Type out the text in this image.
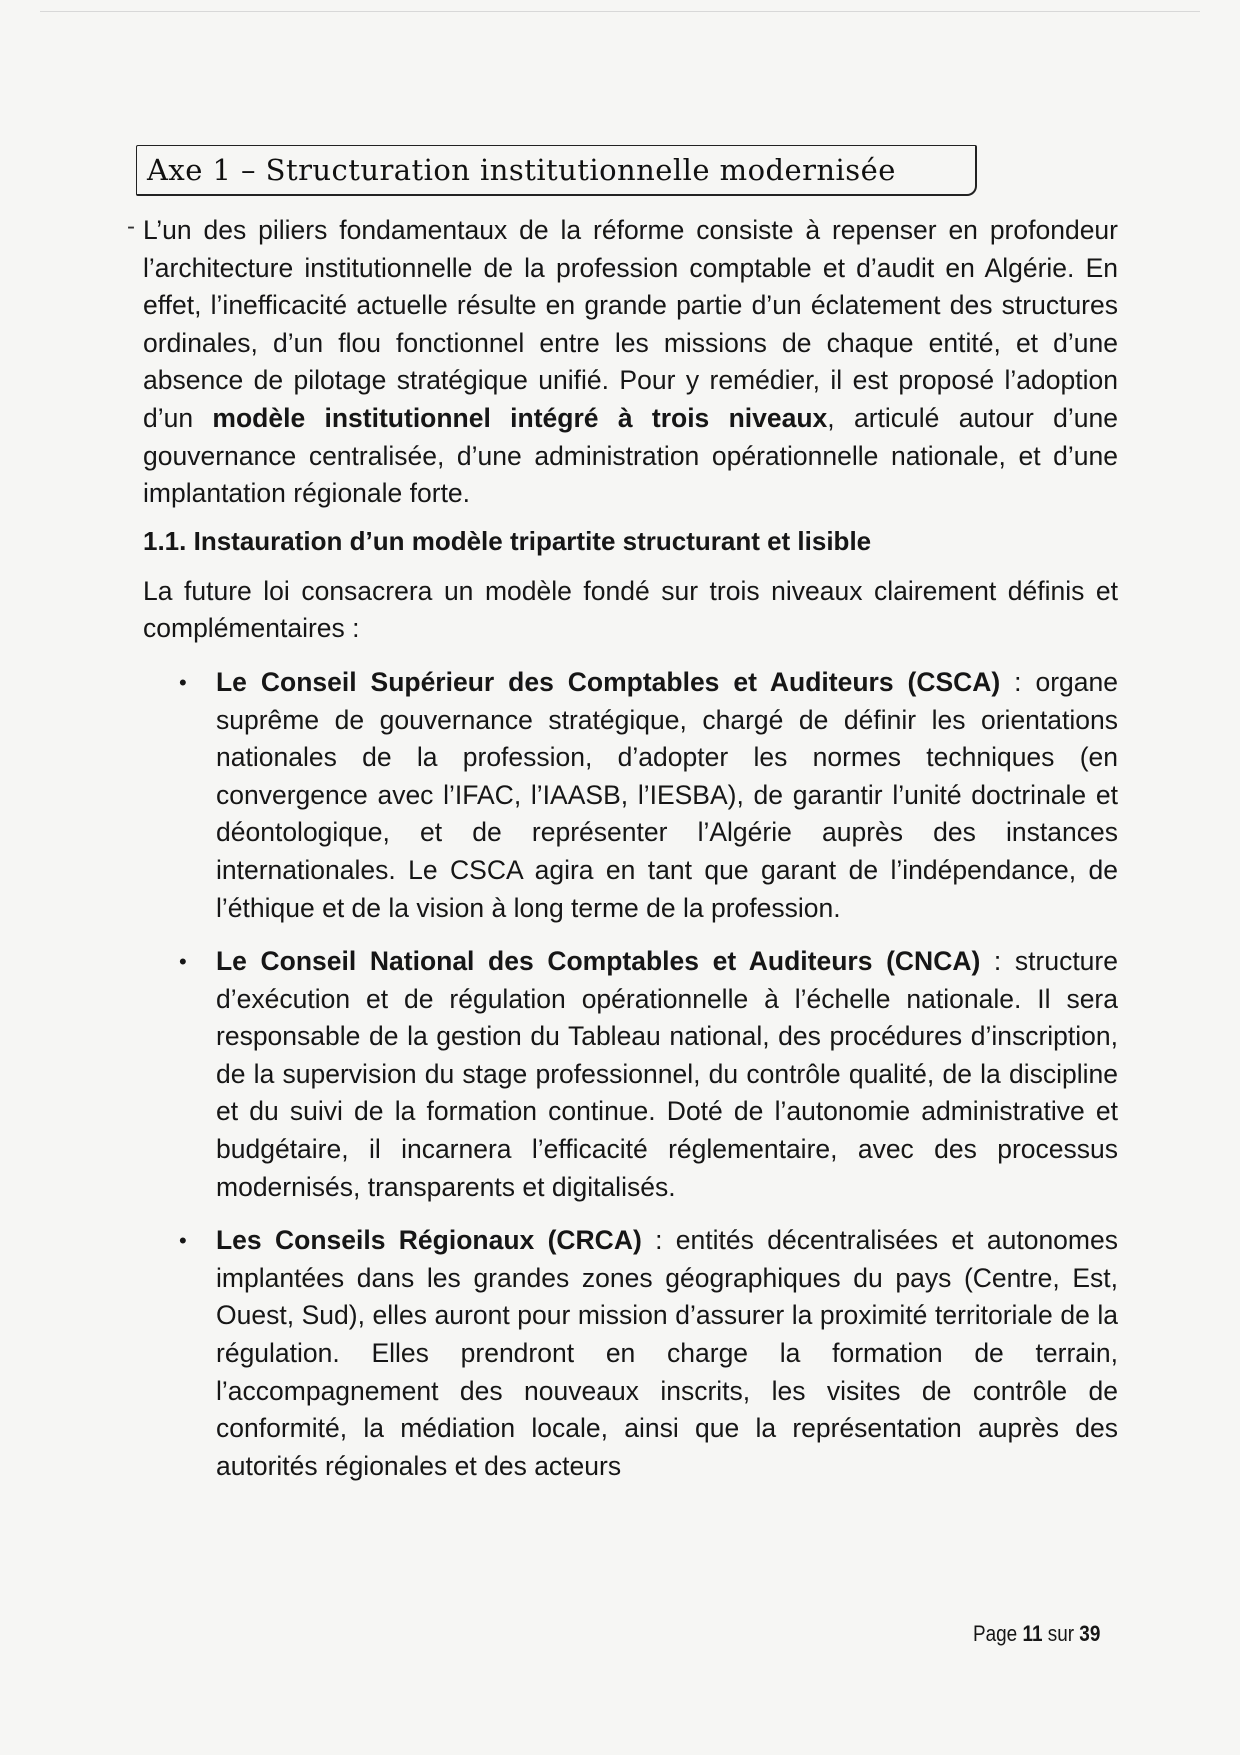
Axe 1 – Structuration institutionnelle modernisée

- L’un des piliers fondamentaux de la réforme consiste à repenser en profondeur l’architecture institutionnelle de la profession comptable et d’audit en Algérie. En effet, l’inefficacité actuelle résulte en grande partie d’un éclatement des structures ordinales, d’un flou fonctionnel entre les missions de chaque entité, et d’une absence de pilotage stratégique unifié. Pour y remédier, il est proposé l’adoption d’un modèle institutionnel intégré à trois niveaux, articulé autour d’une gouvernance centralisée, d’une administration opérationnelle nationale, et d’une implantation régionale forte.

1.1. Instauration d’un modèle tripartite structurant et lisible

La future loi consacrera un modèle fondé sur trois niveaux clairement définis et complémentaires :

• Le Conseil Supérieur des Comptables et Auditeurs (CSCA) : organe suprême de gouvernance stratégique, chargé de définir les orientations nationales de la profession, d’adopter les normes techniques (en convergence avec l’IFAC, l’IAASB, l’IESBA), de garantir l’unité doctrinale et déontologique, et de représenter l’Algérie auprès des instances internationales. Le CSCA agira en tant que garant de l’indépendance, de l’éthique et de la vision à long terme de la profession.
• Le Conseil National des Comptables et Auditeurs (CNCA) : structure d’exécution et de régulation opérationnelle à l’échelle nationale. Il sera responsable de la gestion du Tableau national, des procédures d’inscription, de la supervision du stage professionnel, du contrôle qualité, de la discipline et du suivi de la formation continue. Doté de l’autonomie administrative et budgétaire, il incarnera l’efficacité réglementaire, avec des processus modernisés, transparents et digitalisés.
• Les Conseils Régionaux (CRCA) : entités décentralisées et autonomes implantées dans les grandes zones géographiques du pays (Centre, Est, Ouest, Sud), elles auront pour mission d’assurer la proximité territoriale de la régulation. Elles prendront en charge la formation de terrain, l’accompagnement des nouveaux inscrits, les visites de contrôle de conformité, la médiation locale, ainsi que la représentation auprès des autorités régionales et des acteurs
Page 11 sur 39
